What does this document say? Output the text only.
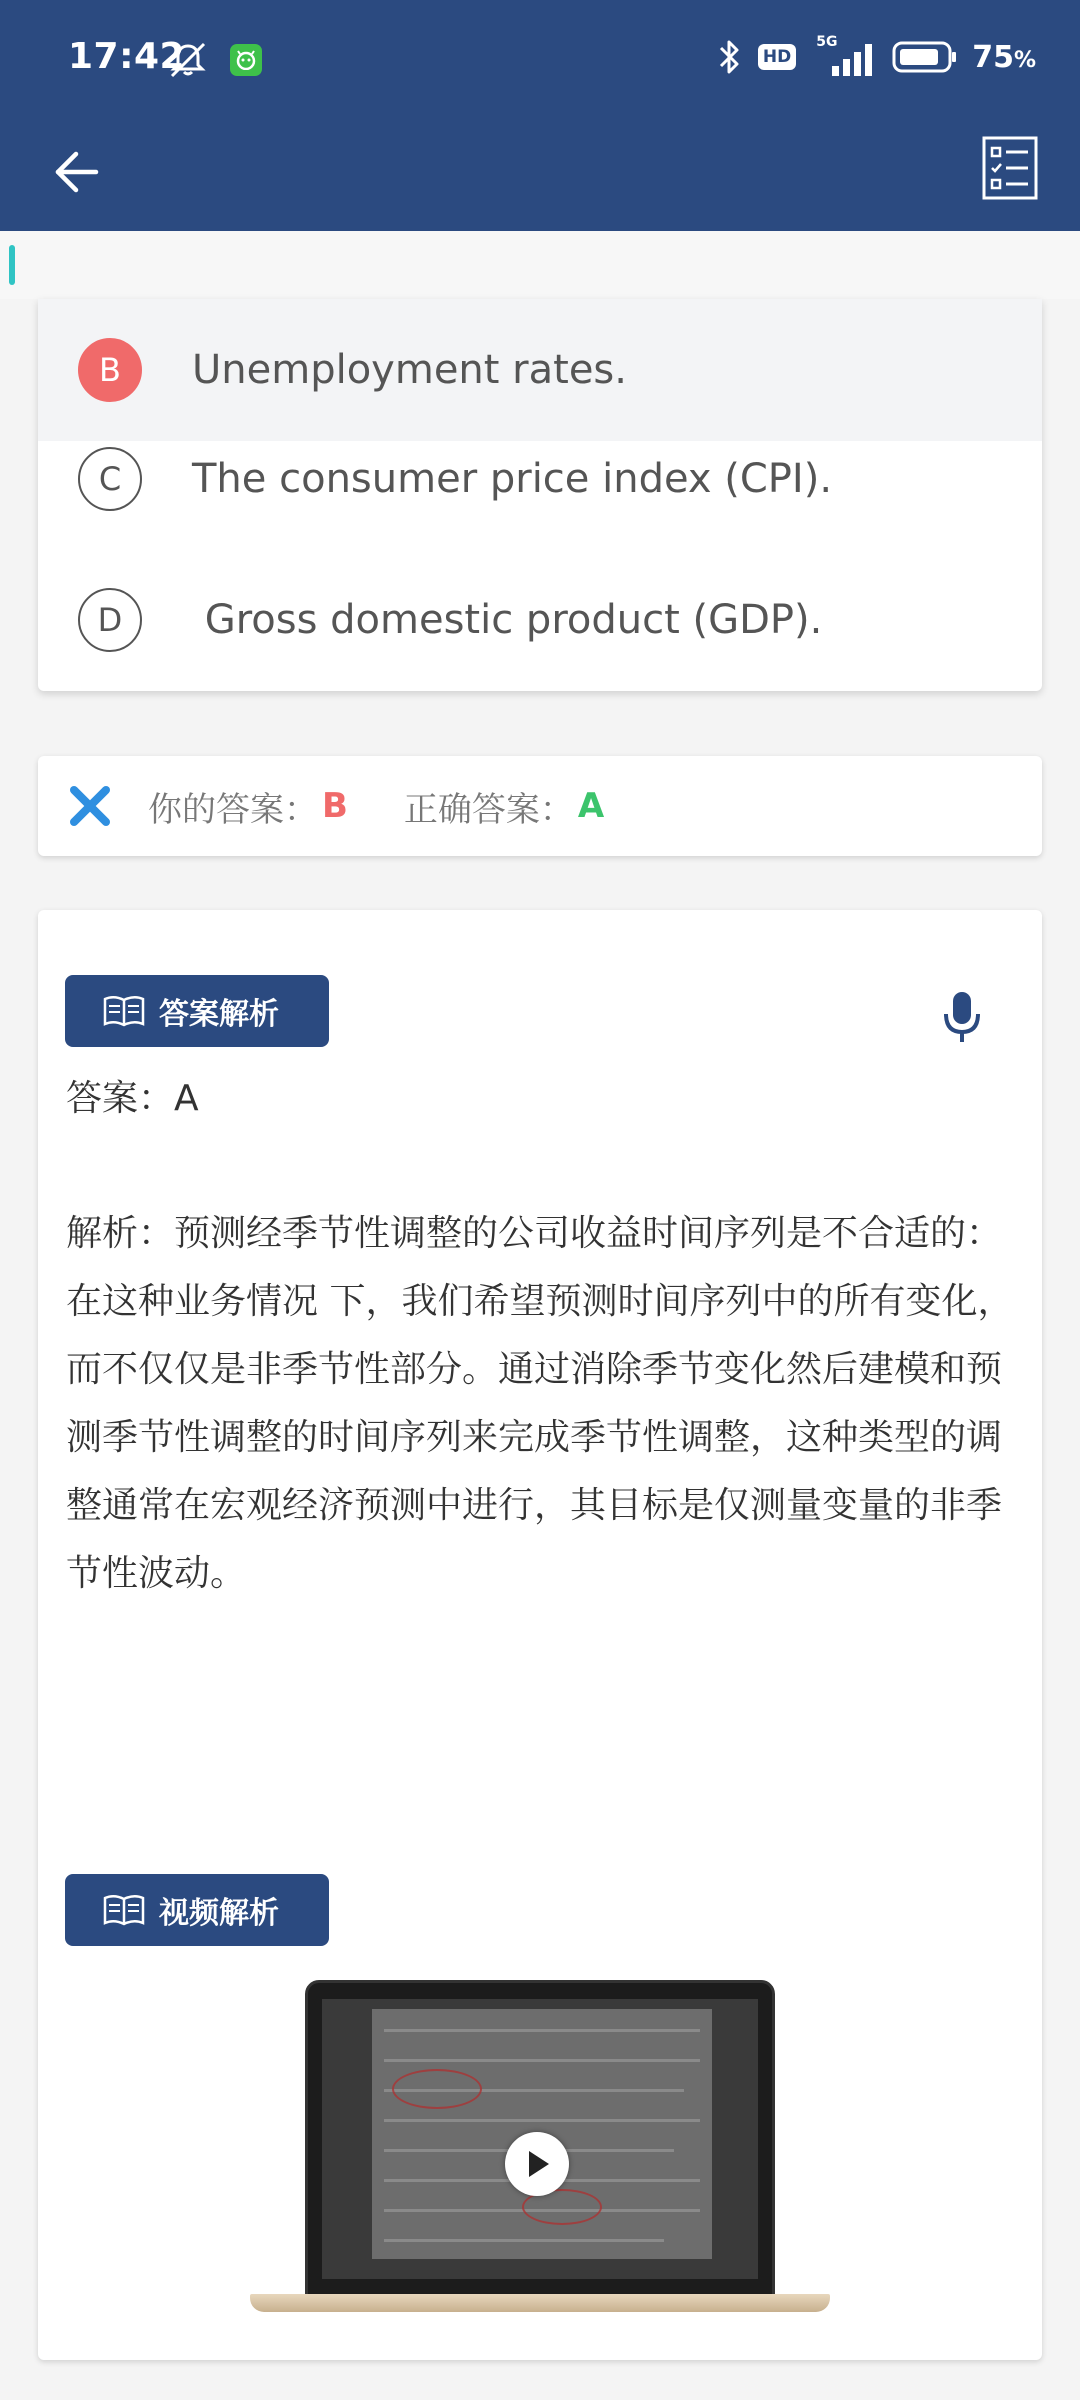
17:42	HD
5G	75%
B	Unemployment rates.
C	The consumer price index (CPI).
D	Gross domestic product (GDP).
你的答案： B 正确答案： A
答案解析
答案：A
解析：预测经季节性调整的公司收益时间序列是不合适的：在这种业务情况 下，我们希望预测时间序列中的所有变化，而不仅仅是非季节性部分。通过消除季节变化然后建模和预测季节性调整的时间序列来完成季节性调整，这种类型的调整通常在宏观经济预测中进行，其目标是仅测量变量的非季节性波动。
视频解析
